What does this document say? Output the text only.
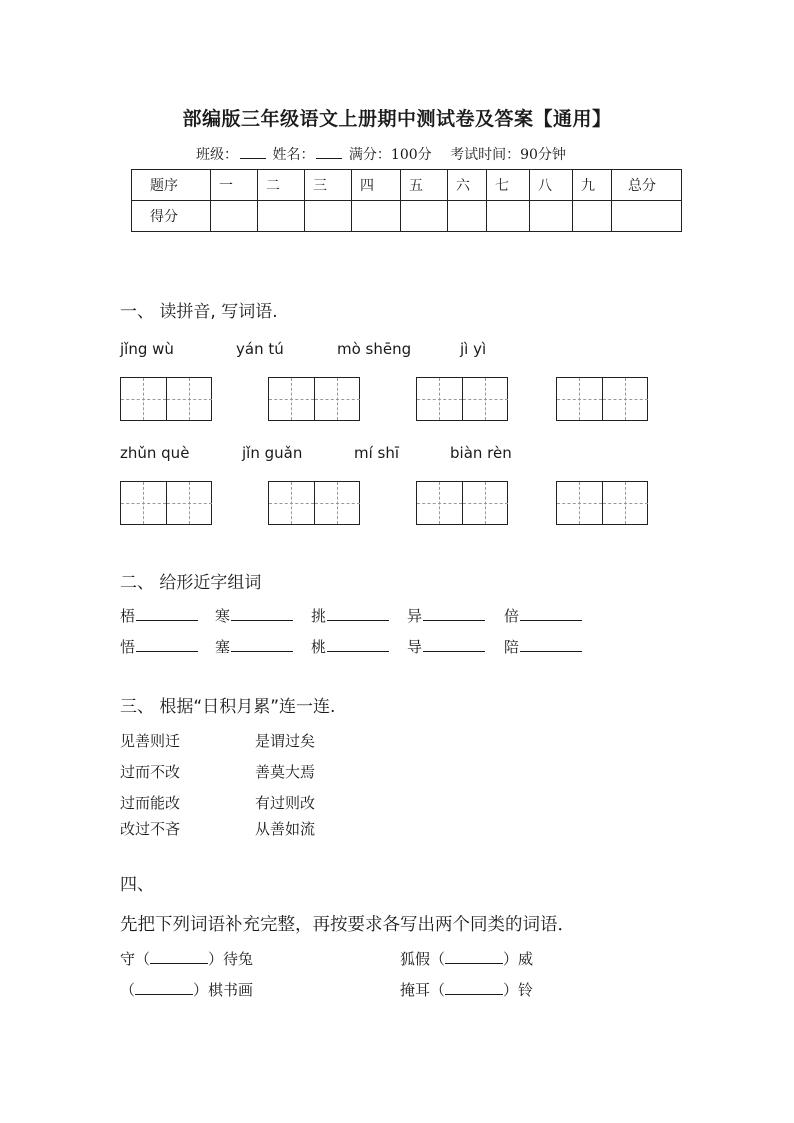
部编版三年级语文上册期中测试卷及答案【通用】
班级： 姓名： 满分：100分 考试时间：90分钟
题序	一	二	三	四	五	六	七	八	九	总分
得分										
一、 读拼音, 写词语.
jǐng wù	yán tú	mò shēng	jì yì
zhǔn què	jǐn guǎn	mí shī	biàn rèn
二、 给形近字组词
梧	寒	挑	异	倍
悟	塞	桃	导	陪
三、 根据“日积月累”连一连.
见善则迁
过而不改
过而能改
改过不吝
是谓过矣
善莫大焉
有过则改
从善如流
四、
先把下列词语补充完整，再按要求各写出两个同类的词语．
守（	）待兔	狐假（	）威
（	）棋书画	掩耳（	）铃
